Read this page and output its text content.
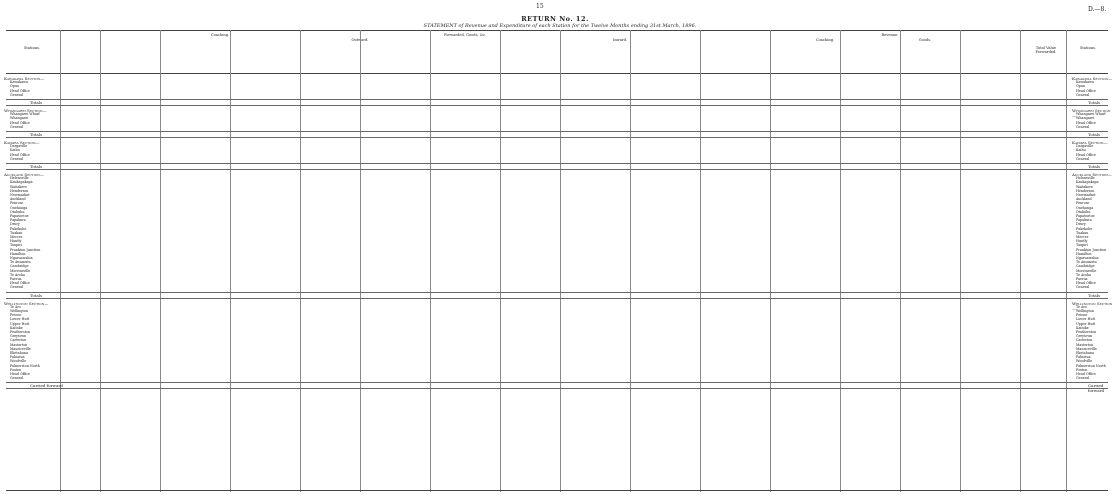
15	D.—8.
RETURN No. 12.
STATEMENT of Revenue and Expenditure of each Station for the Twelve Months ending 31st March, 1896.
Stations.
Coaching.	Forwarded, Goods, &c.
Outward.	Inward.
Revenue.
Coaching.	Goods.
Total Value Forwarded.
Stations.
Kawakawa Section—	Kawakawa Section—
Kawakawa	Kawakawa
Opua	Opua
Head Office	Head Office
General	General
Totals	Totals
Whangarei Section—	Whangarei Section—
Whangarei Wharf	Whangarei Wharf
Whangarei	Whangarei
Head Office	Head Office
General	General
Totals	Totals
Kaipara Section—	Kaipara Section—
Dargaville	Dargaville
Kaihu	Kaihu
Head Office	Head Office
General	General
Totals	Totals
Auckland Section—	Auckland Section—
Helensville	Helensville
Kaukapakapa	Kaukapakapa
Waitakere	Waitakere
Henderson	Henderson
Newmarket	Newmarket
Auckland	Auckland
Penrose	Penrose
Onehunga	Onehunga
Otahuhu	Otahuhu
Papatoetoe	Papatoetoe
Papakura	Papakura
Drury	Drury
Pukekohe	Pukekohe
Tuakau	Tuakau
Mercer	Mercer
Huntly	Huntly
Taupiri	Taupiri
Frankton Junction	Frankton Junction
Hamilton	Hamilton
Ngaruawahia	Ngaruawahia
Te Awamutu	Te Awamutu
Cambridge	Cambridge
Morrinsville	Morrinsville
Te Aroha	Te Aroha
Paeroa	Paeroa
Head Office	Head Office
General	General
Totals	Totals
Wellington Section—	Wellington Section—
Te Aro	Te Aro
Wellington	Wellington
Petone	Petone
Lower Hutt	Lower Hutt
Upper Hutt	Upper Hutt
Kaitoke	Kaitoke
Featherston	Featherston
Greytown	Greytown
Carterton	Carterton
Masterton	Masterton
Mauriceville	Mauriceville
Eketahuna	Eketahuna
Pahiatua	Pahiatua
Woodville	Woodville
Palmerston North	Palmerston North
Foxton	Foxton
Head Office	Head Office
General	General
Carried forward	Carried forward
